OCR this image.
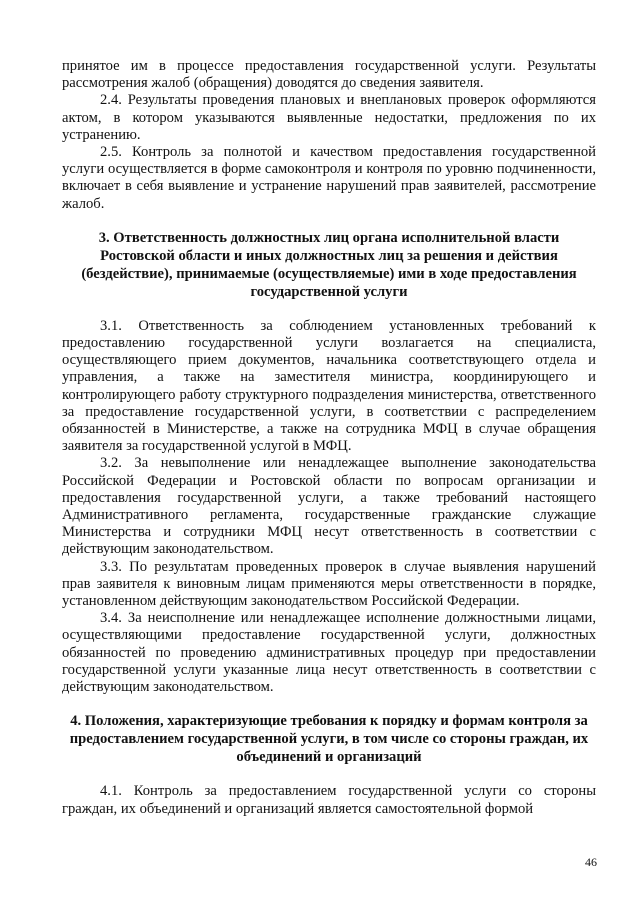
принятое им в процессе предоставления государственной услуги. Результаты рассмотрения жалоб (обращения) доводятся до сведения заявителя.

2.4. Результаты проведения плановых и внеплановых проверок оформляются актом, в котором указываются выявленные недостатки, предложения по их устранению.

2.5. Контроль за полнотой и качеством предоставления государственной услуги осуществляется в форме самоконтроля и контроля по уровню подчиненности, включает в себя выявление и устранение нарушений прав заявителей, рассмотрение жалоб.

3. Ответственность должностных лиц органа исполнительной власти Ростовской области и иных должностных лиц за решения и действия (бездействие), принимаемые (осуществляемые) ими в ходе предоставления государственной услуги

3.1. Ответственность за соблюдением установленных требований к предоставлению государственной услуги возлагается на специалиста, осуществляющего прием документов, начальника соответствующего отдела и управления, а также на заместителя министра, координирующего и контролирующего работу структурного подразделения министерства, ответственного за предоставление государственной услуги, в соответствии с распределением обязанностей в Министерстве, а также на сотрудника МФЦ в случае обращения заявителя за государственной услугой в МФЦ.

3.2. За невыполнение или ненадлежащее выполнение законодательства Российской Федерации и Ростовской области по вопросам организации и предоставления государственной услуги, а также требований настоящего Административного регламента, государственные гражданские служащие Министерства и сотрудники МФЦ несут ответственность в соответствии с действующим законодательством.

3.3. По результатам проведенных проверок в случае выявления нарушений прав заявителя к виновным лицам применяются меры ответственности в порядке, установленном действующим законодательством Российской Федерации.

3.4. За неисполнение или ненадлежащее исполнение должностными лицами, осуществляющими предоставление государственной услуги, должностных обязанностей по проведению административных процедур при предоставлении государственной услуги указанные лица несут ответственность в соответствии с действующим законодательством.

4. Положения, характеризующие требования к порядку и формам контроля за предоставлением государственной услуги, в том числе со стороны граждан, их объединений и организаций

4.1. Контроль за предоставлением государственной услуги со стороны граждан, их объединений и организаций является самостоятельной формой

46
